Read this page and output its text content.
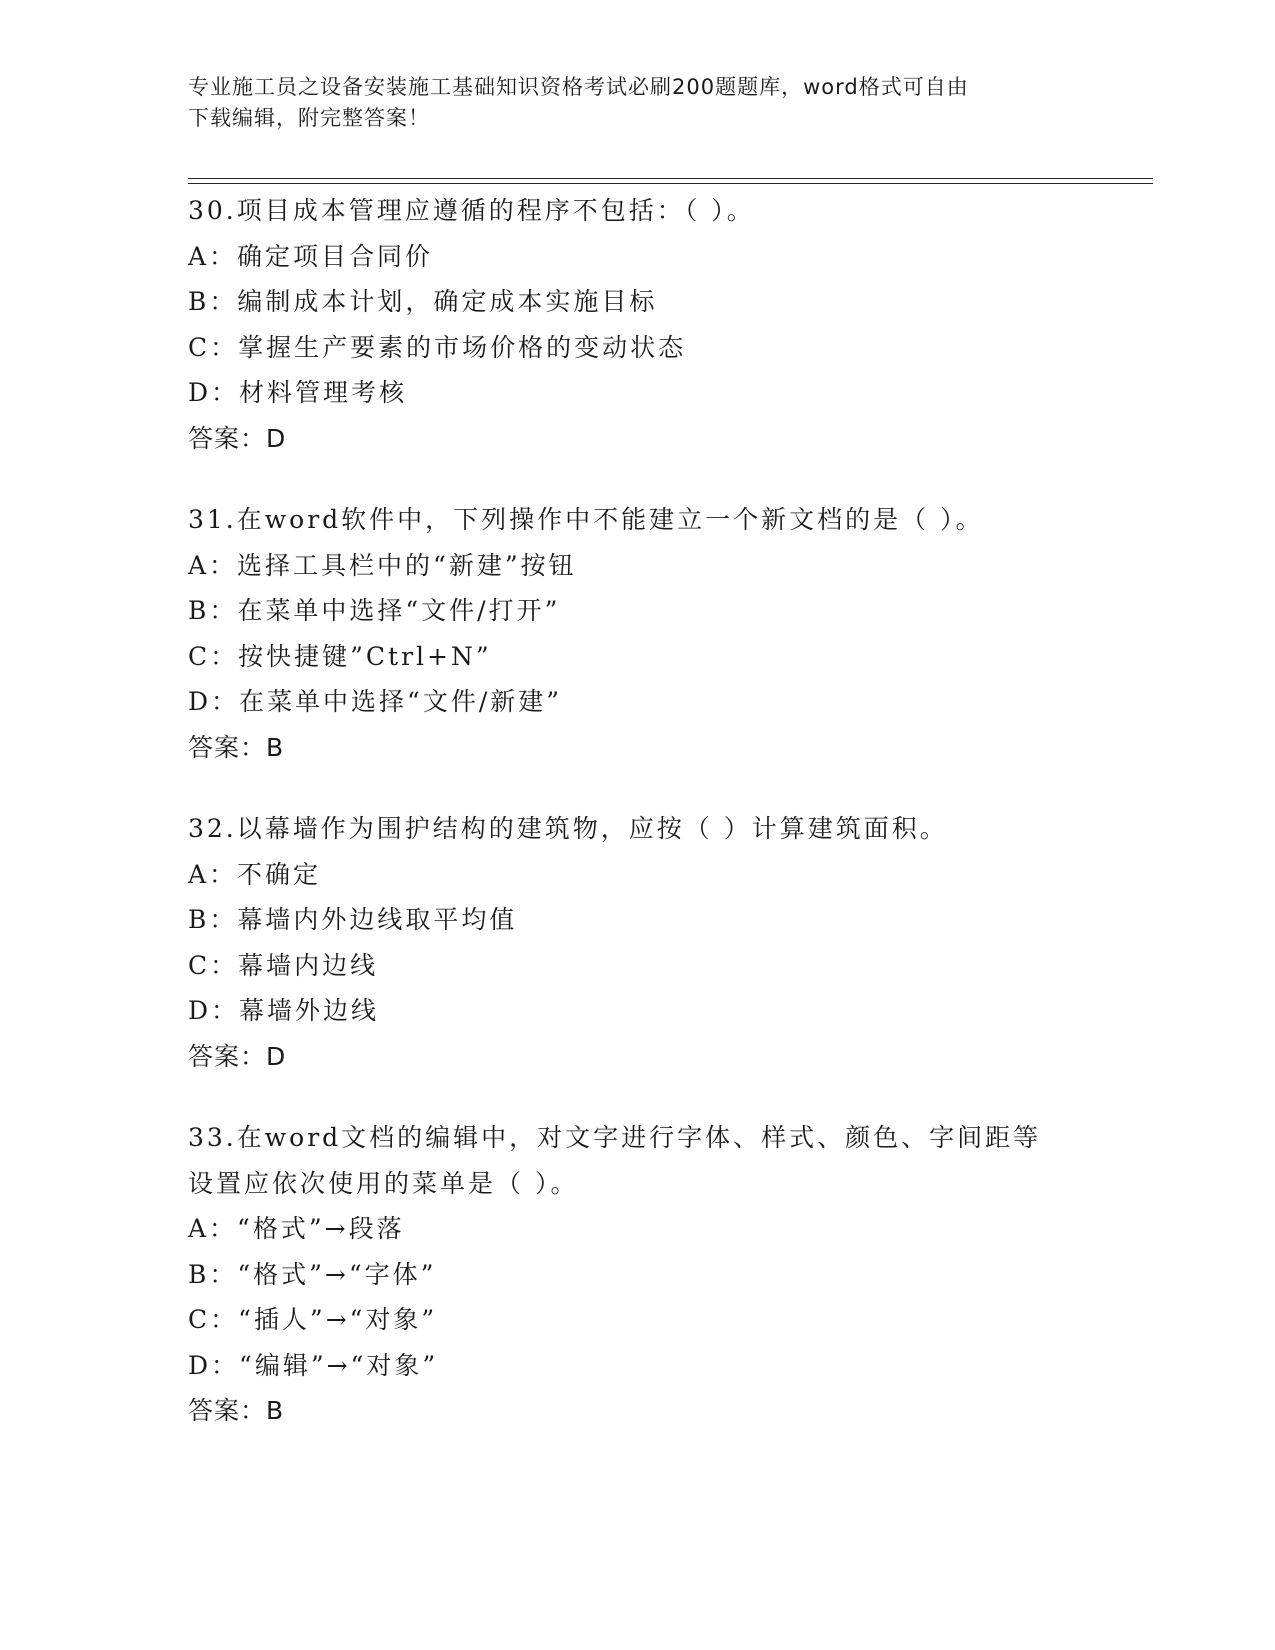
专业施工员之设备安装施工基础知识资格考试必刷200题题库，word格式可自由
下载编辑，附完整答案！
30.项目成本管理应遵循的程序不包括：（ ）。
A：确定项目合同价
B：编制成本计划，确定成本实施目标
C：掌握生产要素的市场价格的变动状态
D：材料管理考核
答案：D
31.在word软件中，下列操作中不能建立一个新文档的是（ ）。
A：选择工具栏中的“新建”按钮
B：在菜单中选择“文件/打开”
C：按快捷键”Ctrl+N”
D：在菜单中选择“文件/新建”
答案：B
32.以幕墙作为围护结构的建筑物，应按（ ）计算建筑面积。
A：不确定
B：幕墙内外边线取平均值
C：幕墙内边线
D：幕墙外边线
答案：D
33.在word文档的编辑中，对文字进行字体、样式、颜色、字间距等
设置应依次使用的菜单是（ ）。
A：“格式”→段落
B：“格式”→“字体”
C：“插人”→“对象”
D：“编辑”→“对象”
答案：B
